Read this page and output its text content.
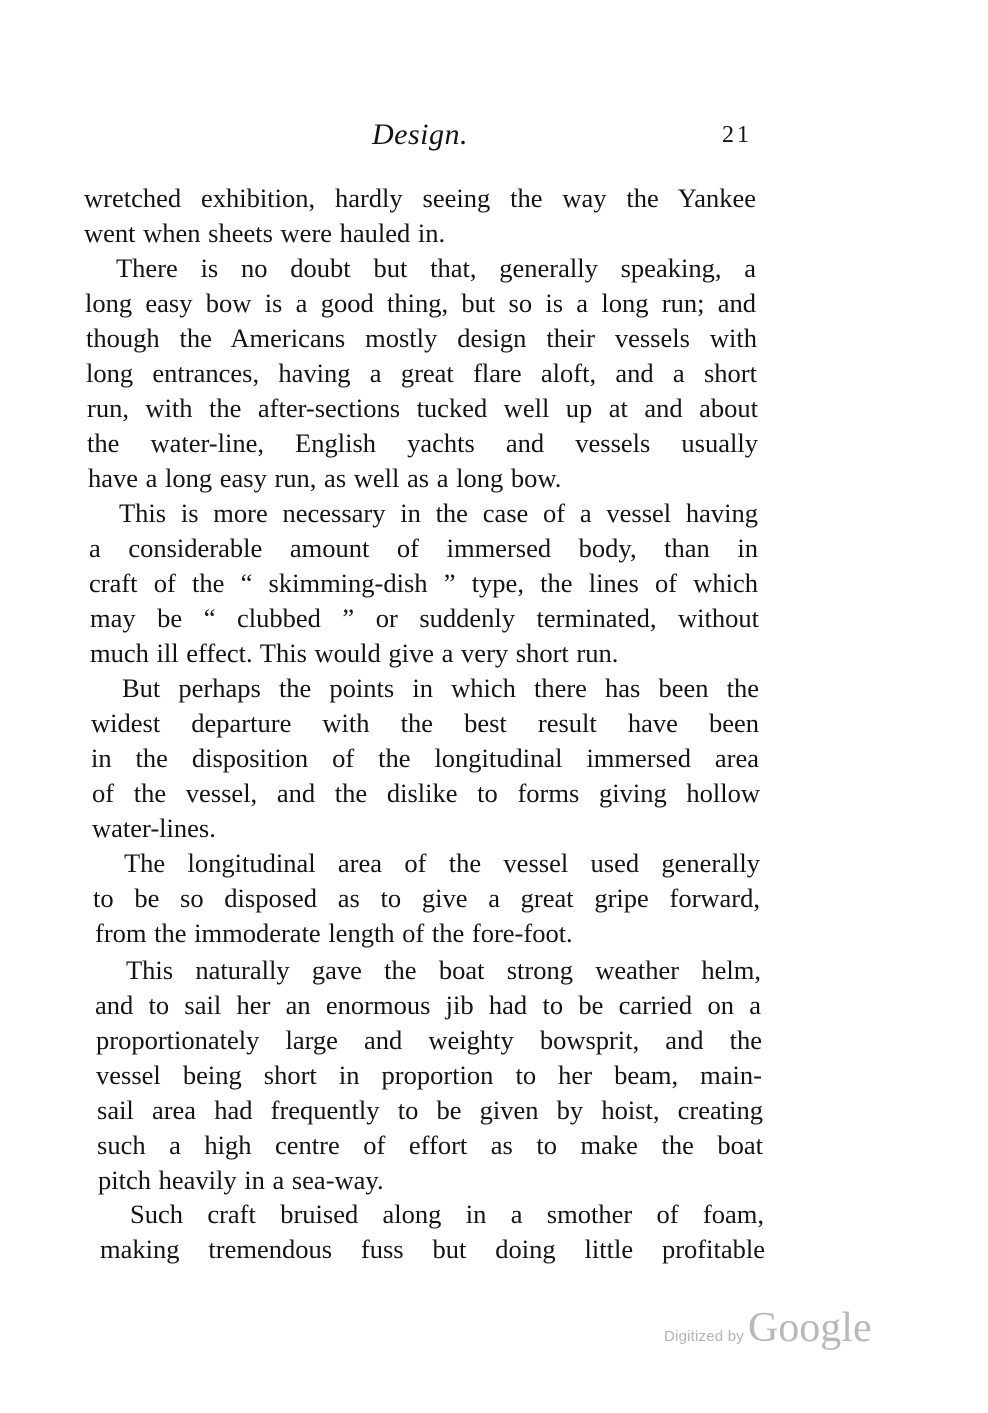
Design.	21
wretched exhibition, hardly seeing the way the Yankee
went when sheets were hauled in.
There is no doubt but that, generally speaking, a
long easy bow is a good thing, but so is a long run; and
though the Americans mostly design their vessels with
long entrances, having a great flare aloft, and a short
run, with the after-sections tucked well up at and about
the water-line, English yachts and vessels usually
have a long easy run, as well as a long bow.
This is more necessary in the case of a vessel having
a considerable amount of immersed body, than in
craft of the “ skimming-dish ” type, the lines of which
may be “ clubbed ” or suddenly terminated, without
much ill effect. This would give a very short run.
But perhaps the points in which there has been the
widest departure with the best result have been
in the disposition of the longitudinal immersed area
of the vessel, and the dislike to forms giving hollow
water-lines.
The longitudinal area of the vessel used generally
to be so disposed as to give a great gripe forward,
from the immoderate length of the fore-foot.
This naturally gave the boat strong weather helm,
and to sail her an enormous jib had to be carried on a
proportionately large and weighty bowsprit, and the
vessel being short in proportion to her beam, main-
sail area had frequently to be given by hoist, creating
such a high centre of effort as to make the boat
pitch heavily in a sea-way.
Such craft bruised along in a smother of foam,
making tremendous fuss but doing little profitable
Digitized by Google
